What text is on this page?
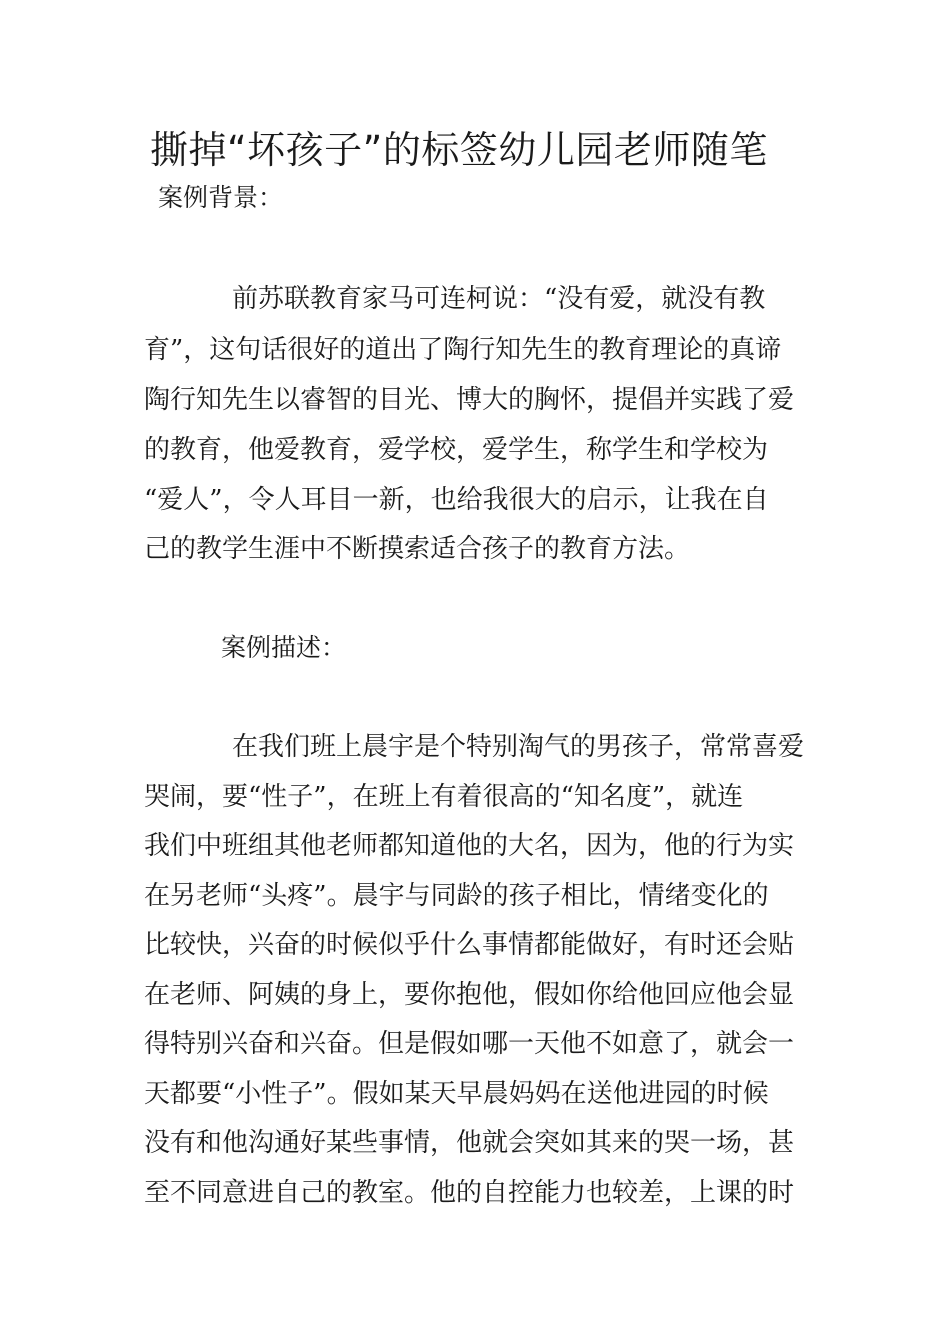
撕掉“坏孩子”的标签幼儿园老师随笔
案例背景：
前苏联教育家马可连柯说：“没有爱，就没有教
育”，这句话很好的道出了陶行知先生的教育理论的真谛
陶行知先生以睿智的目光、博大的胸怀，提倡并实践了爱
的教育，他爱教育，爱学校，爱学生，称学生和学校为
“爱人”，令人耳目一新，也给我很大的启示，让我在自
己的教学生涯中不断摸索适合孩子的教育方法。
案例描述：
在我们班上晨宇是个特别淘气的男孩子，常常喜爱
哭闹，要“性子”，在班上有着很高的“知名度”，就连
我们中班组其他老师都知道他的大名，因为，他的行为实
在另老师“头疼”。晨宇与同龄的孩子相比，情绪变化的
比较快，兴奋的时候似乎什么事情都能做好，有时还会贴
在老师、阿姨的身上，要你抱他，假如你给他回应他会显
得特别兴奋和兴奋。但是假如哪一天他不如意了，就会一
天都要“小性子”。假如某天早晨妈妈在送他进园的时候
没有和他沟通好某些事情，他就会突如其来的哭一场，甚
至不同意进自己的教室。他的自控能力也较差，上课的时
